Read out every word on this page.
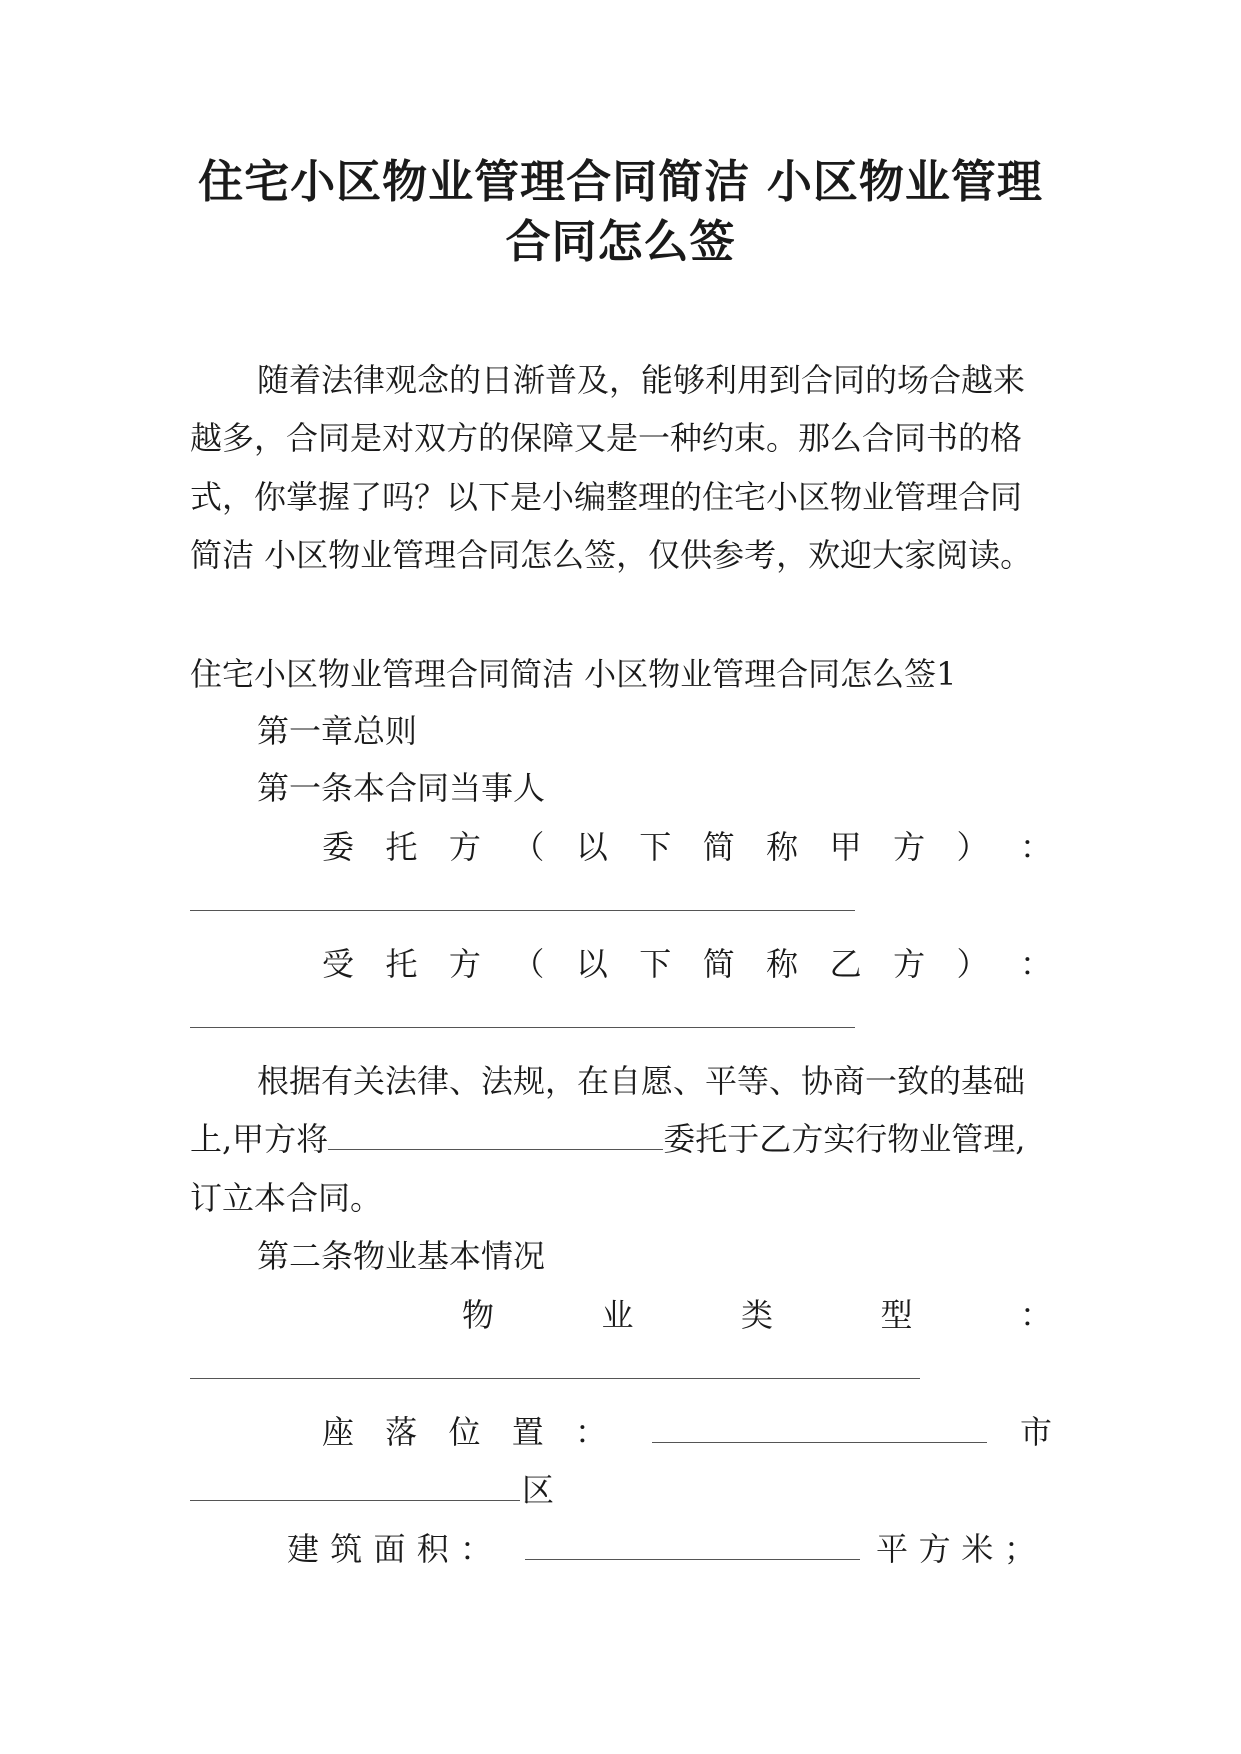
住宅小区物业管理合同简洁 小区物业管理
合同怎么签
随着法律观念的日渐普及，能够利用到合同的场合越来
越多，合同是对双方的保障又是一种约束。那么合同书的格
式，你掌握了吗？以下是小编整理的住宅小区物业管理合同
简洁 小区物业管理合同怎么签，仅供参考，欢迎大家阅读。
住宅小区物业管理合同简洁 小区物业管理合同怎么签1
第一章总则
第一条本合同当事人
委 托 方 （ 以 下 简 称 甲 方 ） ：
受 托 方 （ 以 下 简 称 乙 方 ） ：
根据有关法律、法规，在自愿、平等、协商一致的基础
上,甲方将	委托于乙方实行物业管理,
订立本合同。
第二条物业基本情况
物	业	类	型	：
座 落 位 置 ：	市
区
建 筑 面 积 ：	平 方 米 ；
